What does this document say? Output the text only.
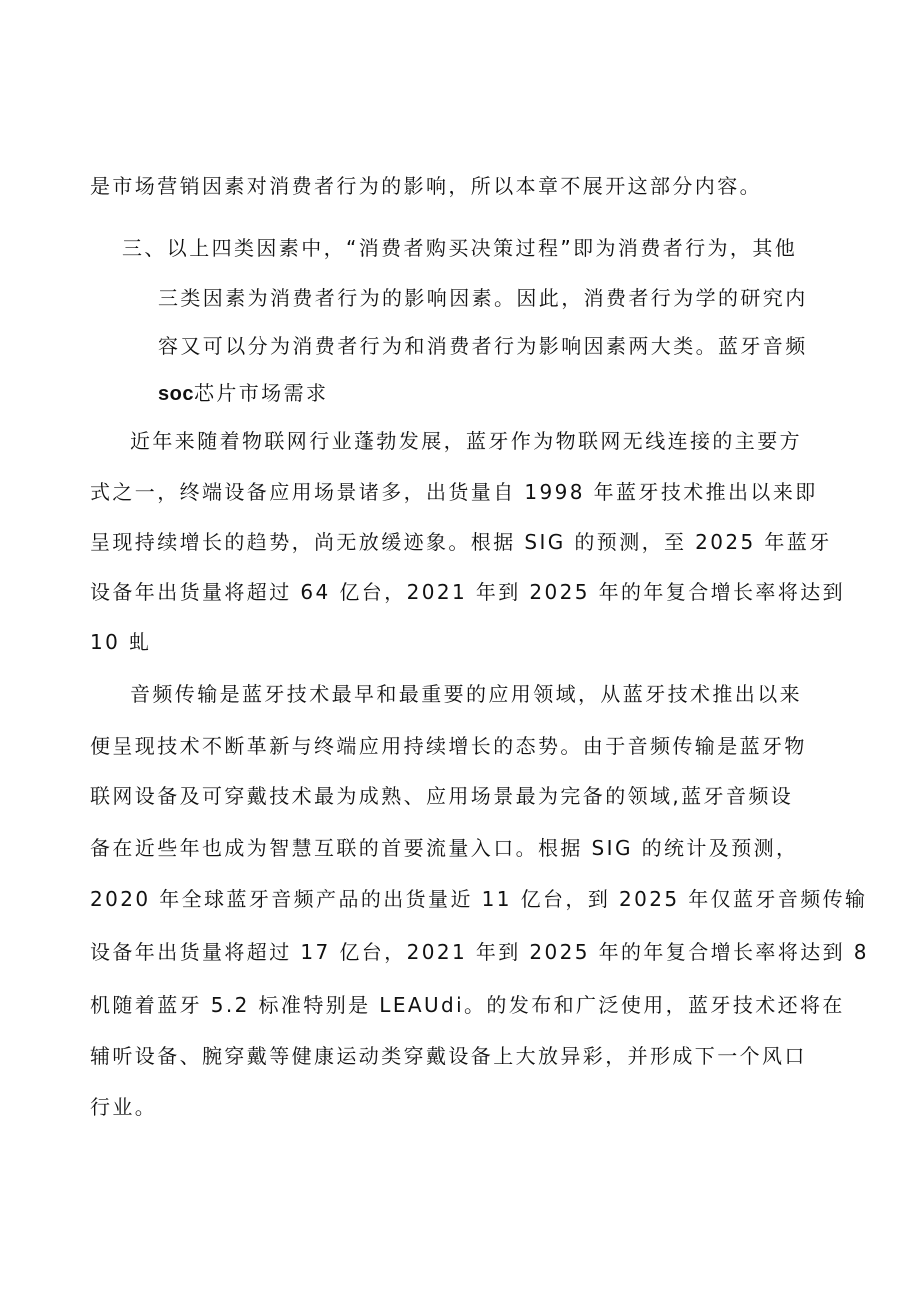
是市场营销因素对消费者行为的影响，所以本章不展开这部分内容。
三、以上四类因素中，“消费者购买决策过程”即为消费者行为，其他
三类因素为消费者行为的影响因素。因此，消费者行为学的研究内
容又可以分为消费者行为和消费者行为影响因素两大类。蓝牙音频
soc芯片市场需求
近年来随着物联网行业蓬勃发展，蓝牙作为物联网无线连接的主要方
式之一，终端设备应用场景诸多，出货量自 1998 年蓝牙技术推出以来即
呈现持续增长的趋势，尚无放缓迹象。根据 SIG 的预测，至 2025 年蓝牙
设备年出货量将超过 64 亿台，2021 年到 2025 年的年复合增长率将达到
10 虬
音频传输是蓝牙技术最早和最重要的应用领域，从蓝牙技术推出以来
便呈现技术不断革新与终端应用持续增长的态势。由于音频传输是蓝牙物
联网设备及可穿戴技术最为成熟、应用场景最为完备的领域,蓝牙音频设
备在近些年也成为智慧互联的首要流量入口。根据 SIG 的统计及预测，
2020 年全球蓝牙音频产品的出货量近 11 亿台，到 2025 年仅蓝牙音频传输
设备年出货量将超过 17 亿台，2021 年到 2025 年的年复合增长率将达到 8
机随着蓝牙 5.2 标准特别是 LEAUdi。的发布和广泛使用，蓝牙技术还将在
辅听设备、腕穿戴等健康运动类穿戴设备上大放异彩，并形成下一个风口
行业。
